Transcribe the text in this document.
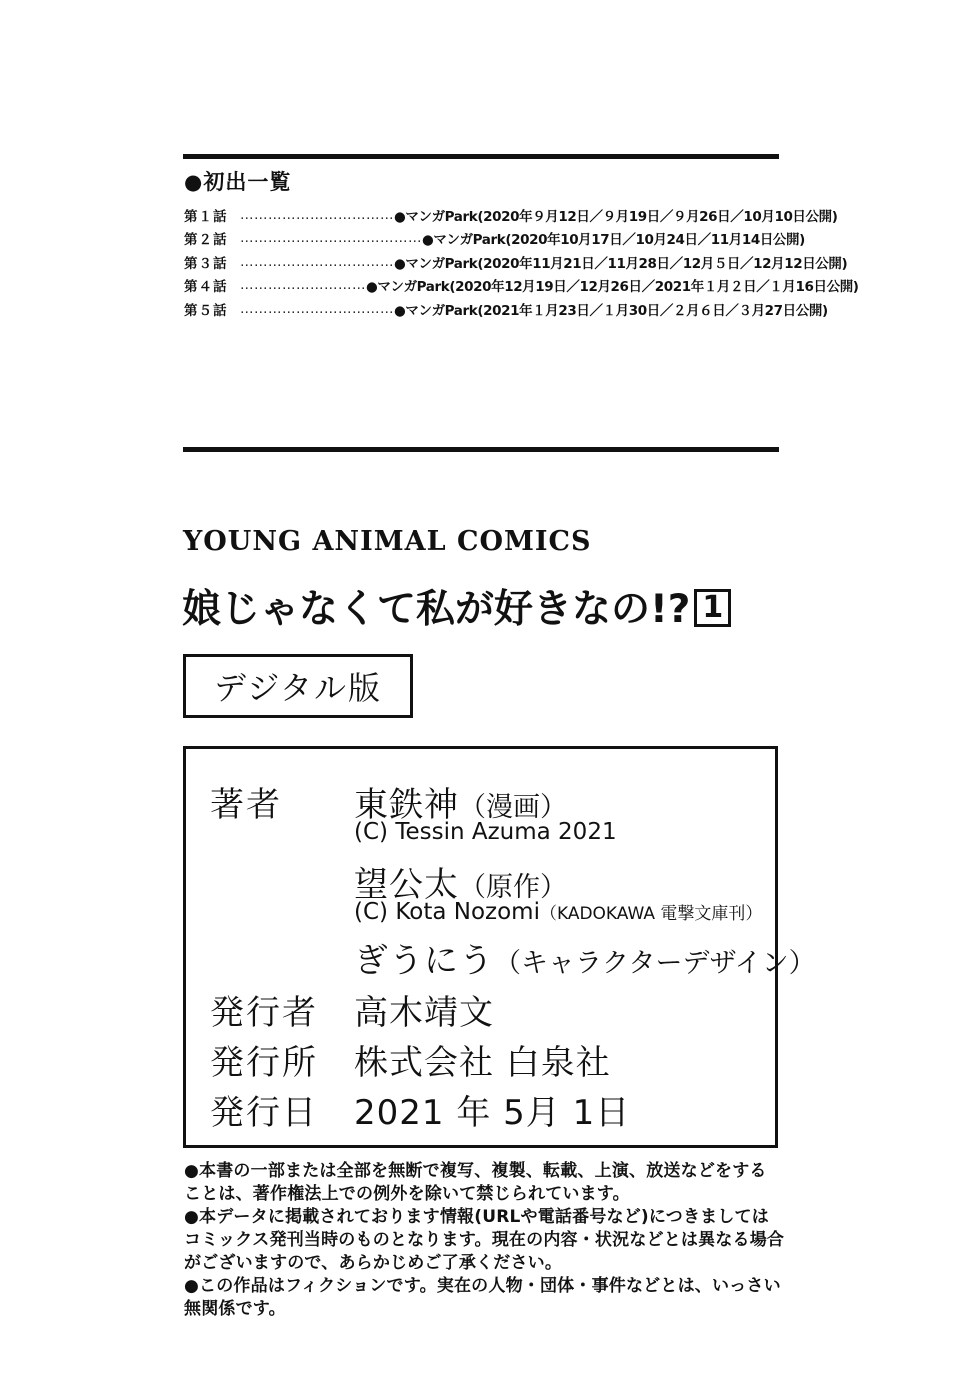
●初出一覧
第１話 …………………………… ●マンガPark(2020年９月12日／９月19日／９月26日／10月10日公開)
第２話 ………………………………… ●マンガPark(2020年10月17日／10月24日／11月14日公開)
第３話 …………………………… ●マンガPark(2020年11月21日／11月28日／12月５日／12月12日公開)
第４話 ……………………… ●マンガPark(2020年12月19日／12月26日／2021年１月２日／１月16日公開)
第５話 …………………………… ●マンガPark(2021年１月23日／１月30日／２月６日／３月27日公開)
YOUNG ANIMAL COMICS
娘じゃなくて私が好きなの!? 1
デジタル版
著者 東鉄神（漫画）
(C) Tessin Azuma 2021
望公太（原作）
(C) Kota Nozomi（KADOKAWA 電撃文庫刊）
ぎうにう（キャラクターデザイン）
発行者 高木靖文
発行所 株式会社 白泉社
発行日 2021 年 5月 1日

●本書の一部または全部を無断で複写、複製、転載、上演、放送などをする
ことは、著作権法上での例外を除いて禁じられています。

●本データに掲載されております情報(URLや電話番号など)につきましては
コミックス発刊当時のものとなります。現在の内容・状況などとは異なる場合
がございますので、あらかじめご了承ください。

●この作品はフィクションです。実在の人物・団体・事件などとは、いっさい
無関係です。
